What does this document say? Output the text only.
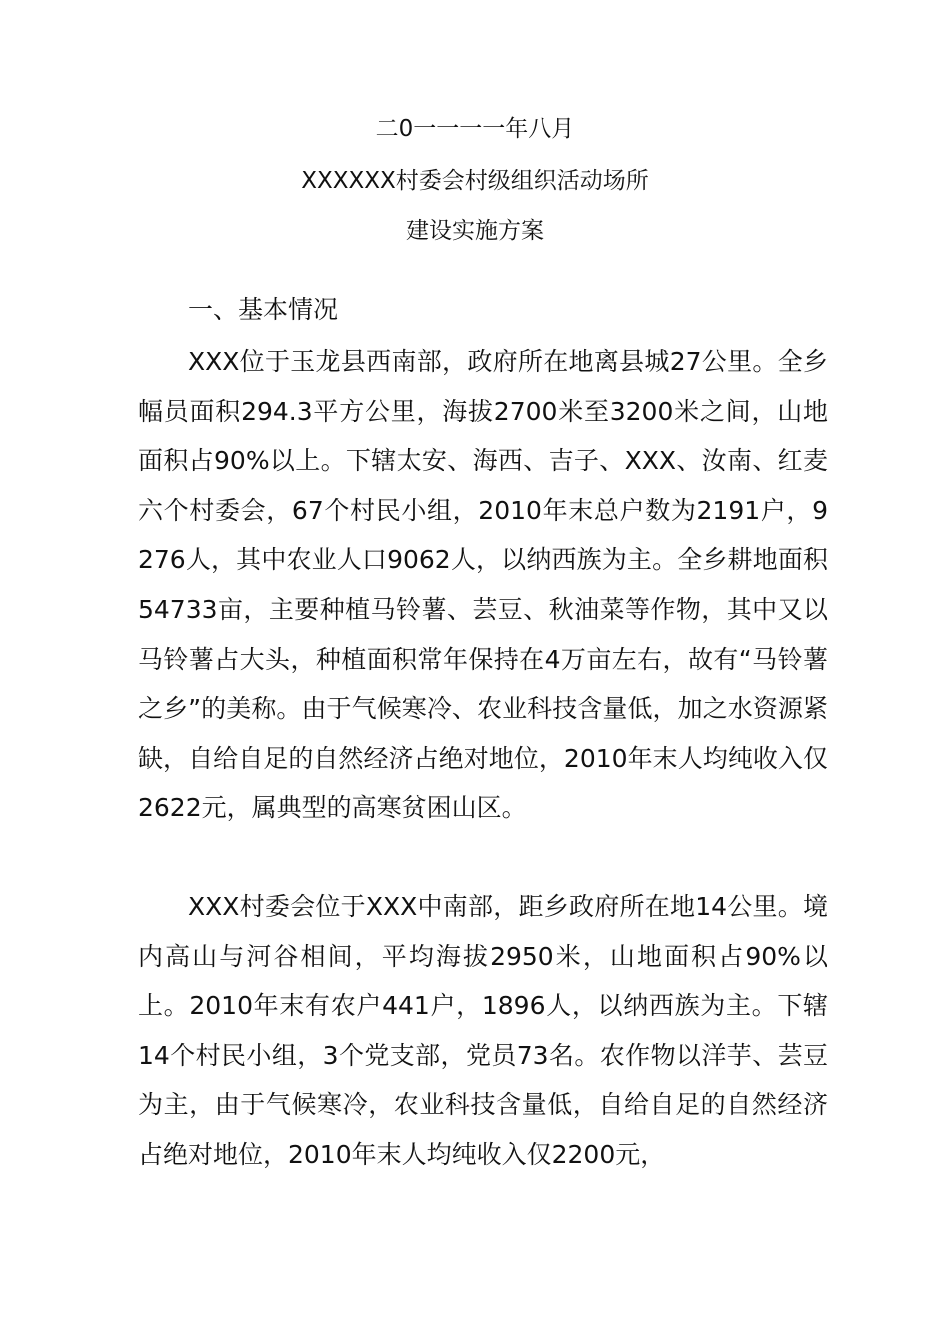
二0一一一一年八月
XXXXXX村委会村级组织活动场所
建设实施方案
一、基本情况

XXX位于玉龙县西南部，政府所在地离县城27公里。全乡幅员面积294.3平方公里，海拔2700米至3200米之间，山地面积占90%以上。下辖太安、海西、吉子、XXX、汝南、红麦六个村委会，67个村民小组，2010年末总户数为2191户，9276人，其中农业人口9062人，以纳西族为主。全乡耕地面积54733亩，主要种植马铃薯、芸豆、秋油菜等作物，其中又以马铃薯占大头，种植面积常年保持在4万亩左右，故有“马铃薯之乡”的美称。由于气候寒冷、农业科技含量低，加之水资源紧缺，自给自足的自然经济占绝对地位，2010年末人均纯收入仅2622元，属典型的高寒贫困山区。

XXX村委会位于XXX中南部，距乡政府所在地14公里。境内高山与河谷相间，平均海拔2950米，山地面积占90%以上。2010年末有农户441户，1896人，以纳西族为主。下辖14个村民小组，3个党支部，党员73名。农作物以洋芋、芸豆为主，由于气候寒冷，农业科技含量低，自给自足的自然经济占绝对地位，2010年末人均纯收入仅2200元，
